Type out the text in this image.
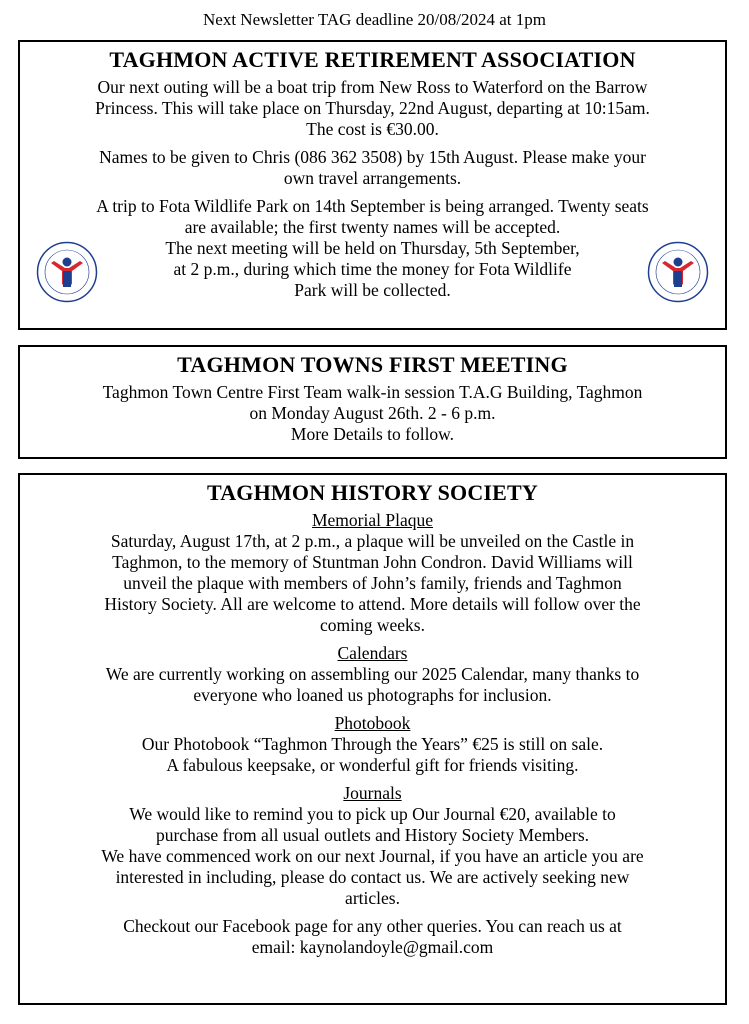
Next Newsletter TAG deadline 20/08/2024 at 1pm
TAGHMON ACTIVE RETIREMENT ASSOCIATION

Our next outing will be a boat trip from New Ross to Waterford on the Barrow

Princess. This will take place on Thursday, 22nd August, departing at 10:15am.

The cost is €30.00.

Names to be given to Chris (086 362 3508) by 15th August. Please make your

own travel arrangements.

A trip to Fota Wildlife Park on 14th September is being arranged. Twenty seats

are available; the first twenty names will be accepted.

The next meeting will be held on Thursday, 5th September,

at 2 p.m., during which time the money for Fota Wildlife

Park will be collected.

TAGHMON TOWNS FIRST MEETING

Taghmon Town Centre First Team walk-in session T.A.G Building, Taghmon

on Monday August 26th. 2 - 6 p.m.

More Details to follow.

TAGHMON HISTORY SOCIETY
Memorial Plaque

Saturday, August 17th, at 2 p.m., a plaque will be unveiled on the Castle in

Taghmon, to the memory of Stuntman John Condron. David Williams will

unveil the plaque with members of John’s family, friends and Taghmon

History Society. All are welcome to attend. More details will follow over the

coming weeks.

Calendars

We are currently working on assembling our 2025 Calendar, many thanks to

everyone who loaned us photographs for inclusion.

Photobook

Our Photobook “Taghmon Through the Years” €25 is still on sale.

A fabulous keepsake, or wonderful gift for friends visiting.

Journals

We would like to remind you to pick up Our Journal €20, available to

purchase from all usual outlets and History Society Members.

We have commenced work on our next Journal, if you have an article you are

interested in including, please do contact us. We are actively seeking new

articles.

Checkout our Facebook page for any other queries. You can reach us at

email: kaynolandoyle@gmail.com
